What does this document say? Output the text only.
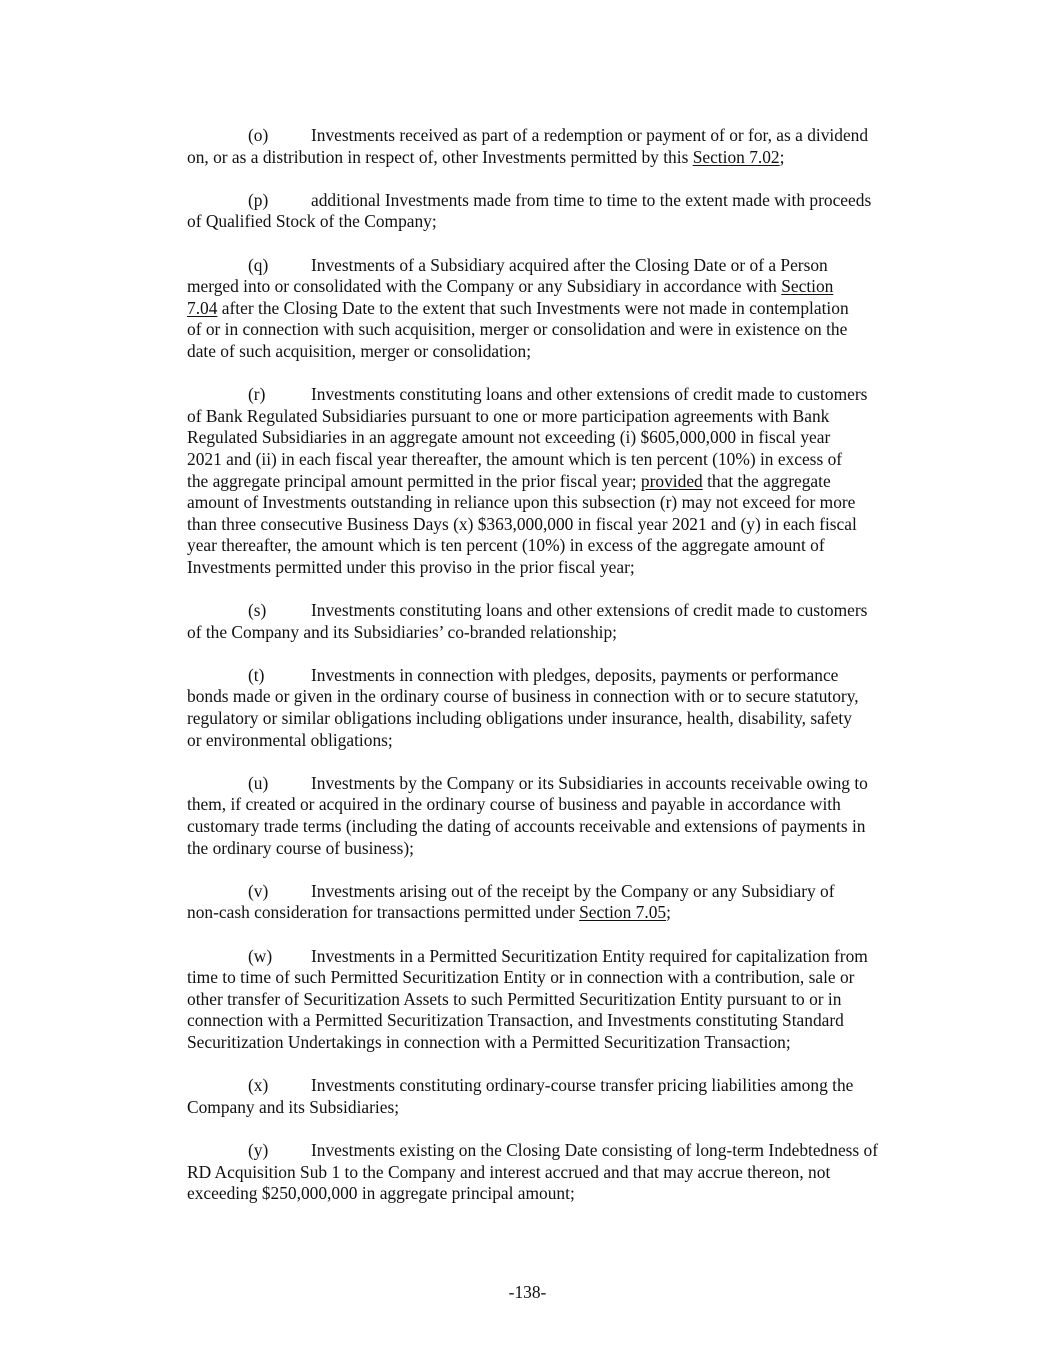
(o) Investments received as part of a redemption or payment of or for, as a dividend
on, or as a distribution in respect of, other Investments permitted by this Section 7.02;
(p) additional Investments made from time to time to the extent made with proceeds
of Qualified Stock of the Company;
(q) Investments of a Subsidiary acquired after the Closing Date or of a Person
merged into or consolidated with the Company or any Subsidiary in accordance with Section
7.04 after the Closing Date to the extent that such Investments were not made in contemplation
of or in connection with such acquisition, merger or consolidation and were in existence on the
date of such acquisition, merger or consolidation;
(r)	Investments constituting loans and other extensions of credit made to customers
of Bank Regulated Subsidiaries pursuant to one or more participation agreements with Bank
Regulated Subsidiaries in an aggregate amount not exceeding (i) $605,000,000 in fiscal year
2021 and (ii) in each fiscal year thereafter, the amount which is ten percent (10%) in excess of
the aggregate principal amount permitted in the prior fiscal year; provided that the aggregate
amount of Investments outstanding in reliance upon this subsection (r) may not exceed for more
than three consecutive Business Days (x) $363,000,000 in fiscal year 2021 and (y) in each fiscal
year thereafter, the amount which is ten percent (10%) in excess of the aggregate amount of
Investments permitted under this proviso in the prior fiscal year;
(s)	Investments constituting loans and other extensions of credit made to customers
of the Company and its Subsidiaries’ co-branded relationship;
(t)	Investments in connection with pledges, deposits, payments or performance
bonds made or given in the ordinary course of business in connection with or to secure statutory,
regulatory or similar obligations including obligations under insurance, health, disability, safety
or environmental obligations;
(u) Investments by the Company or its Subsidiaries in accounts receivable owing to
them, if created or acquired in the ordinary course of business and payable in accordance with
customary trade terms (including the dating of accounts receivable and extensions of payments in
the ordinary course of business);
(v) Investments arising out of the receipt by the Company or any Subsidiary of
non-cash consideration for transactions permitted under Section 7.05;
(w) Investments in a Permitted Securitization Entity required for capitalization from
time to time of such Permitted Securitization Entity or in connection with a contribution, sale or
other transfer of Securitization Assets to such Permitted Securitization Entity pursuant to or in
connection with a Permitted Securitization Transaction, and Investments constituting Standard
Securitization Undertakings in connection with a Permitted Securitization Transaction;
(x) Investments constituting ordinary-course transfer pricing liabilities among the
Company and its Subsidiaries;
(y) Investments existing on the Closing Date consisting of long-term Indebtedness of
RD Acquisition Sub 1 to the Company and interest accrued and that may accrue thereon, not
exceeding $250,000,000 in aggregate principal amount;
-138-
